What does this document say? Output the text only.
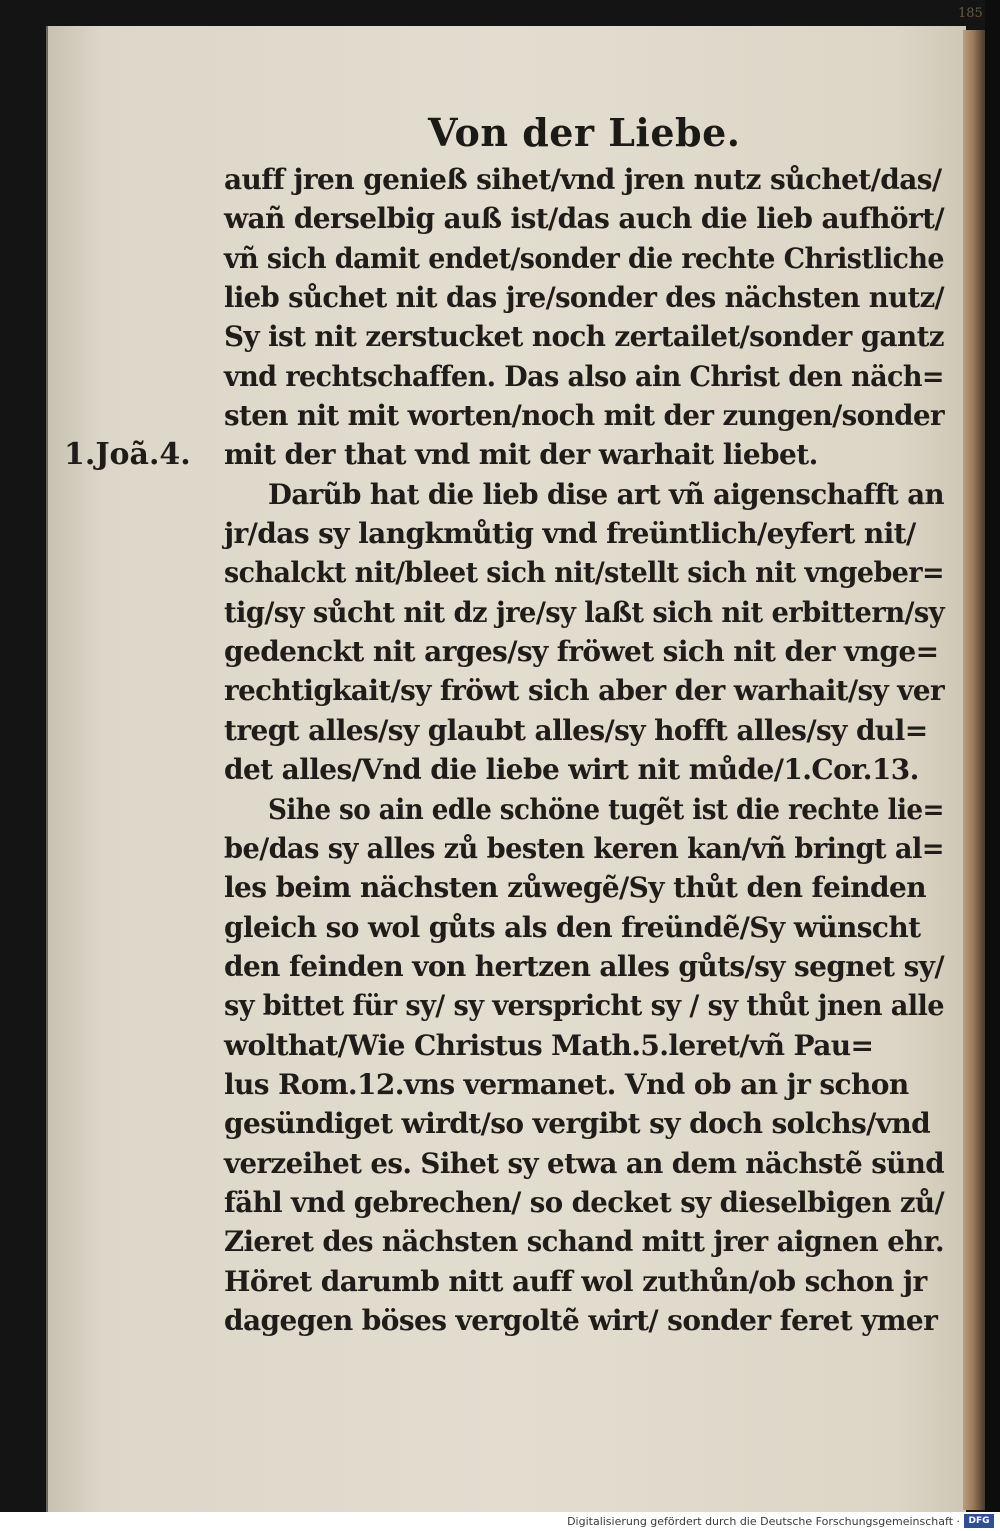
185
Von der Liebe.
1.Joã.4.
auff jren genieß sihet/vnd jren nutz sůchet/das/
wañ derselbig auß ist/das auch die lieb aufhört/
vñ sich damit endet/sonder die rechte Christliche
lieb sůchet nit das jre/sonder des nächsten nutz/
Sy ist nit zerstucket noch zertailet/sonder gantz
vnd rechtschaffen. Das also ain Christ den näch=
sten nit mit worten/noch mit der zungen/sonder
mit der that vnd mit der warhait liebet.
Darũb hat die lieb dise art vñ aigenschafft an
jr/das sy langkmůtig vnd freüntlich/eyfert nit/
schalckt nit/bleet sich nit/stellt sich nit vngeber=
tig/sy sůcht nit dz jre/sy laßt sich nit erbittern/sy
gedenckt nit arges/sy fröwet sich nit der vnge=
rechtigkait/sy fröwt sich aber der warhait/sy ver
tregt alles/sy glaubt alles/sy hofft alles/sy dul=
det alles/Vnd die liebe wirt nit můde/1.Cor.13.
Sihe so ain edle schöne tugẽt ist die rechte lie=
be/das sy alles zů besten keren kan/vñ bringt al=
les beim nächsten zůwegẽ/Sy thůt den feinden
gleich so wol gůts als den freündẽ/Sy wünscht
den feinden von hertzen alles gůts/sy segnet sy/
sy bittet für sy/ sy verspricht sy / sy thůt jnen alle
wolthat/Wie Christus Math.5.leret/vñ Pau=
lus Rom.12.vns vermanet. Vnd ob an jr schon
gesündiget wirdt/so vergibt sy doch solchs/vnd
verzeihet es. Sihet sy etwa an dem nächstẽ sünd
fähl vnd gebrechen/ so decket sy dieselbigen zů/
Zieret des nächsten schand mitt jrer aignen ehr.
Höret darumb nitt auff wol zuthůn/ob schon jr
dagegen böses vergoltẽ wirt/ sonder feret ymer
Digitalisierung gefördert durch die Deutsche Forschungsgemeinschaft · DFG
